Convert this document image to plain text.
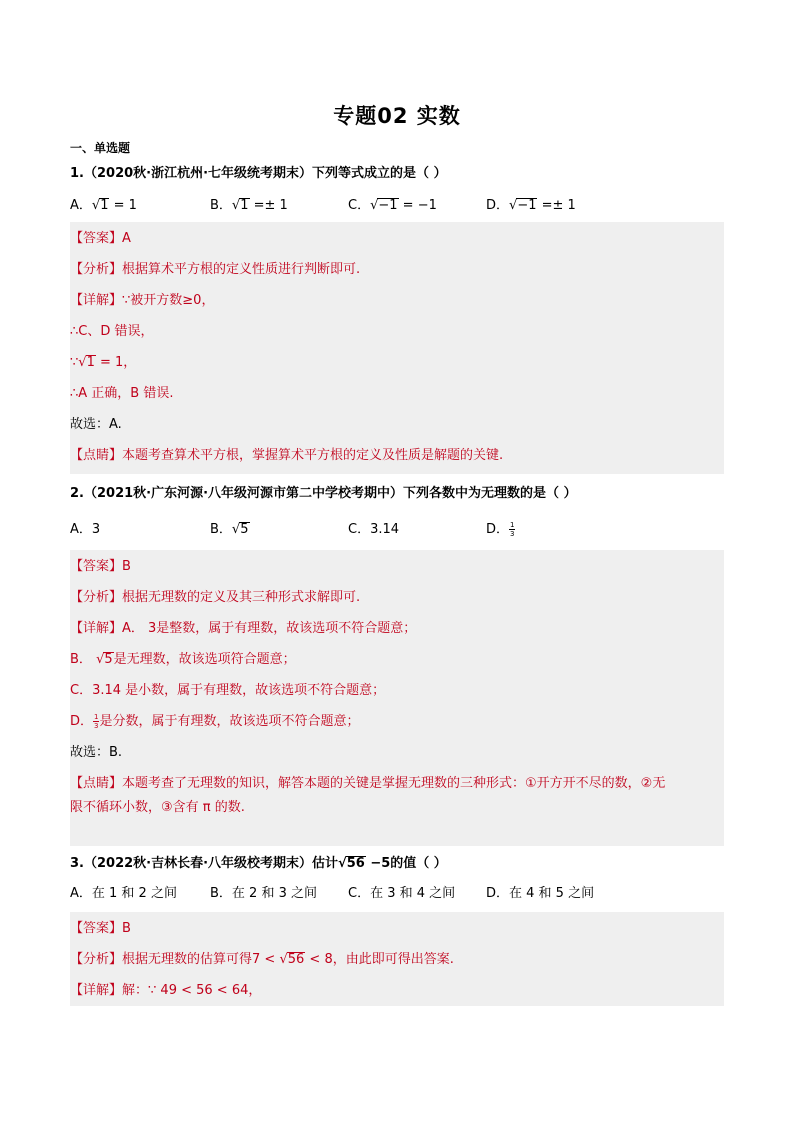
专题02 实数
一、单选题
1.（2020秋·浙江杭州·七年级统考期末）下列等式成立的是（ ）
A．√1 = 1	B．√1 =± 1	C．√−1 = −1	D．√−1 =± 1
【答案】A
【分析】根据算术平方根的定义性质进行判断即可.
【详解】∵被开方数≥0，
∴C、D 错误，
∵√1 = 1，
∴A 正确，B 错误.
故选：A.
【点睛】本题考查算术平方根，掌握算术平方根的定义及性质是解题的关键.
2.（2021秋·广东河源·八年级河源市第二中学校考期中）下列各数中为无理数的是（ ）
A．3	B．√5	C．3.14	D． $\frac{1}{3}$
【答案】B
【分析】根据无理数的定义及其三种形式求解即可.
【详解】A． 3是整数，属于有理数，故该选项不符合题意；
B． √5是无理数，故该选项符合题意；
C．3.14 是小数，属于有理数，故该选项不符合题意；
D． $\frac{1}{3}$ 是分数，属于有理数，故该选项不符合题意；
故选：B.
【点睛】本题考查了无理数的知识，解答本题的关键是掌握无理数的三种形式：①开方开不尽的数，②无
限不循环小数，③含有 π 的数.
3.（2022秋·吉林长春·八年级校考期末）估计√56 −5的值（ ）
A．在 1 和 2 之间	B．在 2 和 3 之间 C．在 3 和 4 之间 D．在 4 和 5 之间
【答案】B
【分析】根据无理数的估算可得7 < √56 < 8，由此即可得出答案.
【详解】解：∵ 49 < 56 < 64，
